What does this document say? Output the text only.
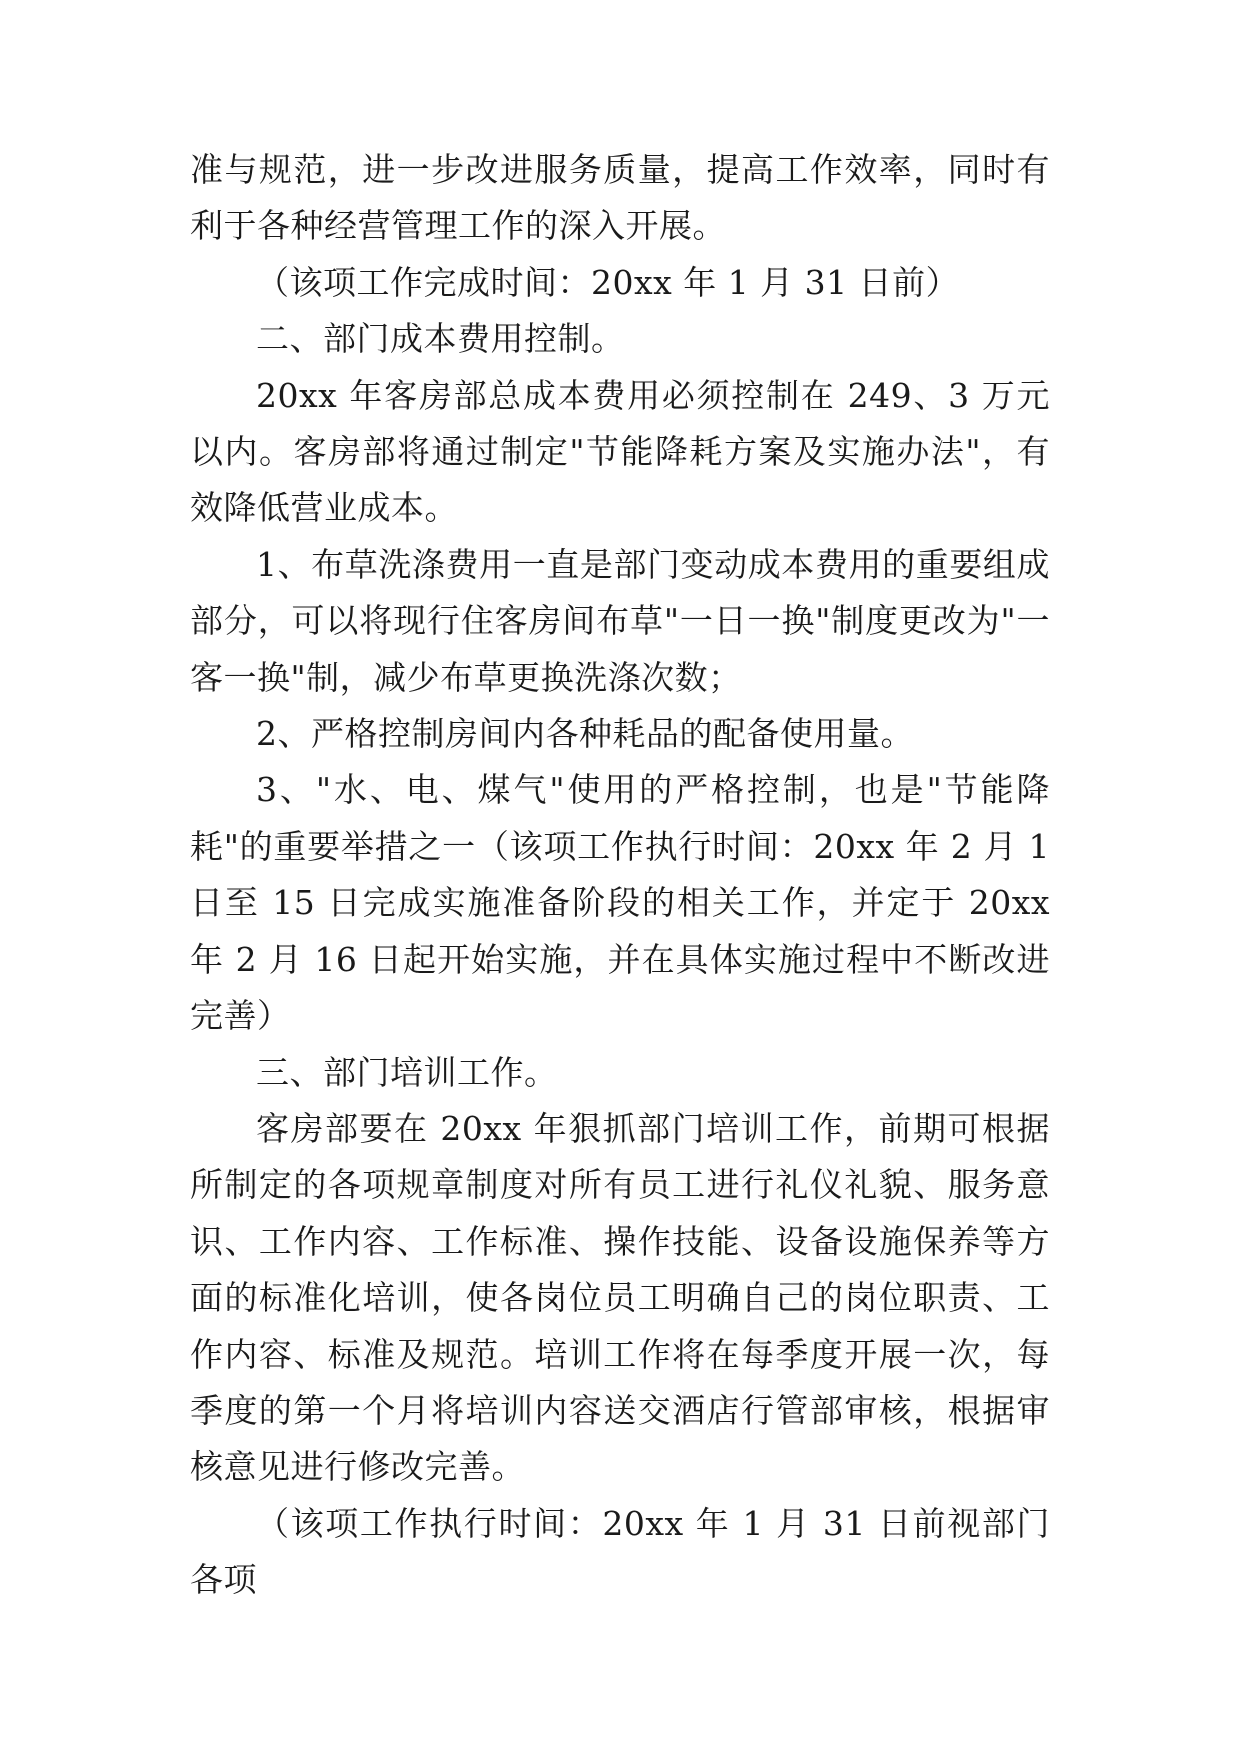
准与规范，进一步改进服务质量，提高工作效率，同时有利于各种经营管理工作的深入开展。

（该项工作完成时间：20xx 年 1 月 31 日前）

二、部门成本费用控制。

20xx 年客房部总成本费用必须控制在 249、3 万元以内。客房部将通过制定"节能降耗方案及实施办法"，有效降低营业成本。

1、布草洗涤费用一直是部门变动成本费用的重要组成部分，可以将现行住客房间布草"一日一换"制度更改为"一客一换"制，减少布草更换洗涤次数；

2、严格控制房间内各种耗品的配备使用量。

3、"水、电、煤气"使用的严格控制，也是"节能降耗"的重要举措之一（该项工作执行时间：20xx 年 2 月 1 日至 15 日完成实施准备阶段的相关工作，并定于 20xx 年 2 月 16 日起开始实施，并在具体实施过程中不断改进完善）

三、部门培训工作。

客房部要在 20xx 年狠抓部门培训工作，前期可根据所制定的各项规章制度对所有员工进行礼仪礼貌、服务意识、工作内容、工作标准、操作技能、设备设施保养等方面的标准化培训，使各岗位员工明确自己的岗位职责、工作内容、标准及规范。培训工作将在每季度开展一次，每季度的第一个月将培训内容送交酒店行管部审核，根据审核意见进行修改完善。

（该项工作执行时间：20xx 年 1 月 31 日前视部门各项
